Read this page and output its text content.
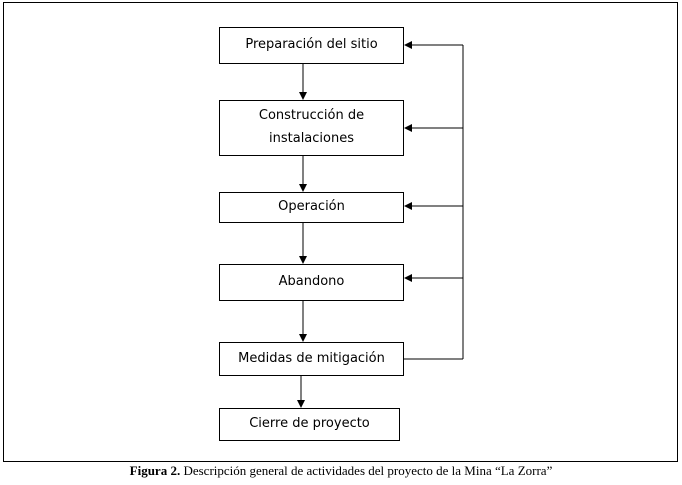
Preparación del sitio
Construcción de
instalaciones
Operación
Abandono
Medidas de mitigación
Cierre de proyecto
Figura 2. Descripción general de actividades del proyecto de la Mina “La Zorra”
